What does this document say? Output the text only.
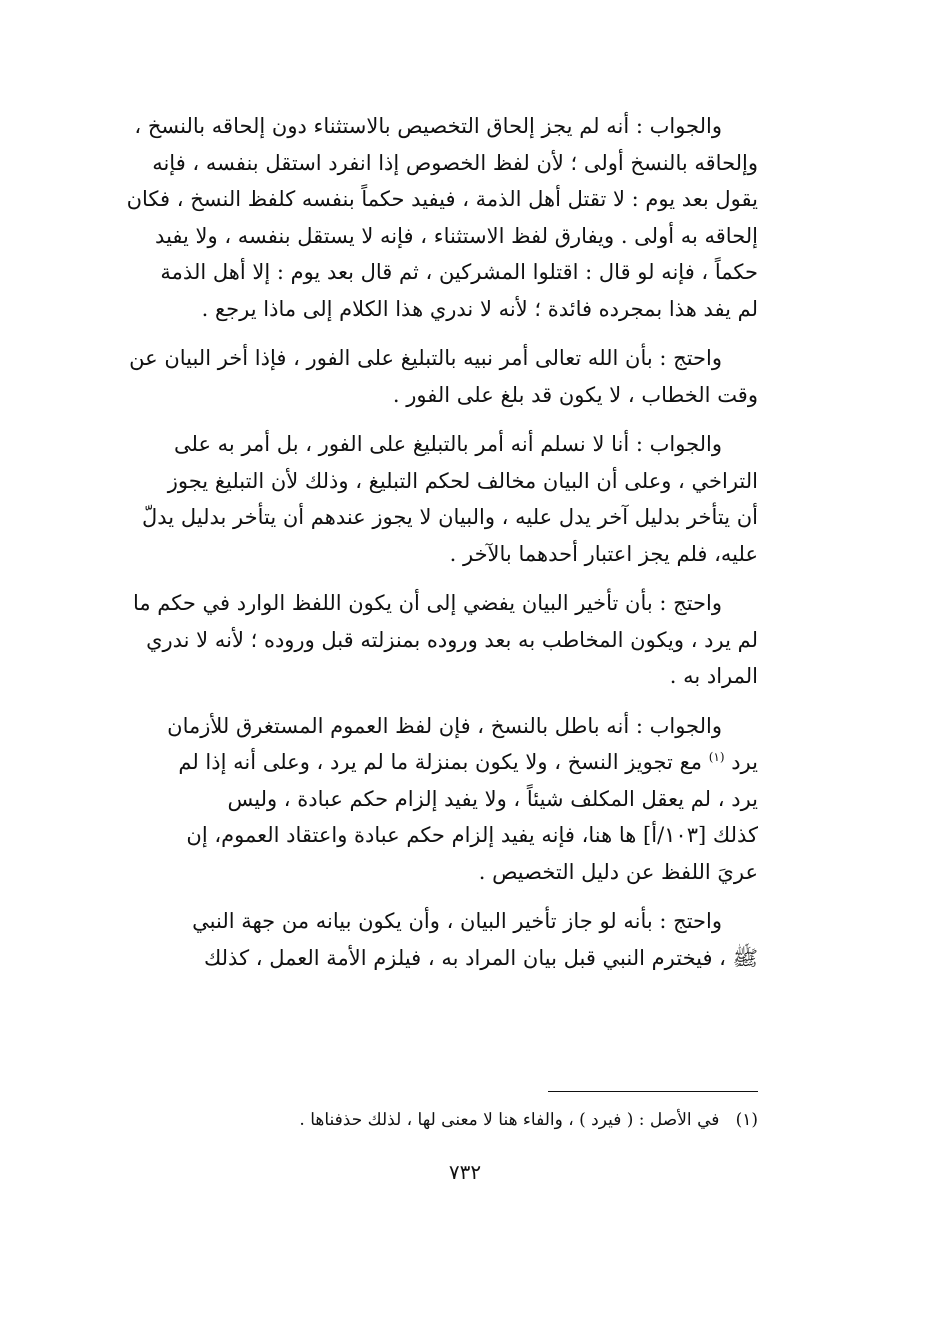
والجواب : أنه لم يجز إلحاق التخصيص بالاستثناء دون إلحاقه بالنسخ ،
وإلحاقه بالنسخ أولى ؛ لأن لفظ الخصوص إذا انفرد استقل بنفسه ، فإنه
يقول بعد يوم : لا تقتل أهل الذمة ، فيفيد حكماً بنفسه كلفظ النسخ ، فكان
إلحاقه به أولى . ويفارق لفظ الاستثناء ، فإنه لا يستقل بنفسه ، ولا يفيد
حكماً ، فإنه لو قال : اقتلوا المشركين ، ثم قال بعد يوم : إلا أهل الذمة
لم يفد هذا بمجرده فائدة ؛ لأنه لا ندري هذا الكلام إلى ماذا يرجع .

واحتج : بأن الله تعالى أمر نبيه بالتبليغ على الفور ، فإذا أخر البيان عن
وقت الخطاب ، لا يكون قد بلغ على الفور .

والجواب : أنا لا نسلم أنه أمر بالتبليغ على الفور ، بل أمر به على
التراخي ، وعلى أن البيان مخالف لحكم التبليغ ، وذلك لأن التبليغ يجوز
أن يتأخر بدليل آخر يدل عليه ، والبيان لا يجوز عندهم أن يتأخر بدليل يدلّ
عليه، فلم يجز اعتبار أحدهما بالآخر .

واحتج : بأن تأخير البيان يفضي إلى أن يكون اللفظ الوارد في حكم ما
لم يرد ، ويكون المخاطب به بعد وروده بمنزلته قبل وروده ؛ لأنه لا ندري
المراد به .

والجواب : أنه باطل بالنسخ ، فإن لفظ العموم المستغرق للأزمان
يرد $^{(١)}$ مع تجويز النسخ ، ولا يكون بمنزلة ما لم يرد ، وعلى أنه إذا لم
يرد ، لم يعقل المكلف شيئاً ، ولا يفيد إلزام حكم عبادة ، وليس
كذلك [١٠٣/أ] ها هنا، فإنه يفيد إلزام حكم عبادة واعتقاد العموم، إن
عريَ اللفظ عن دليل التخصيص .

واحتج : بأنه لو جاز تأخير البيان ، وأن يكون بيانه من جهة النبي
ﷺ ، فيخترم النبي قبل بيان المراد به ، فيلزم الأمة العمل ، كذلك

(١)   في الأصل : ( فيرد ) ، والفاء هنا لا معنى لها ، لذلك حذفناها .
٧٣٢
